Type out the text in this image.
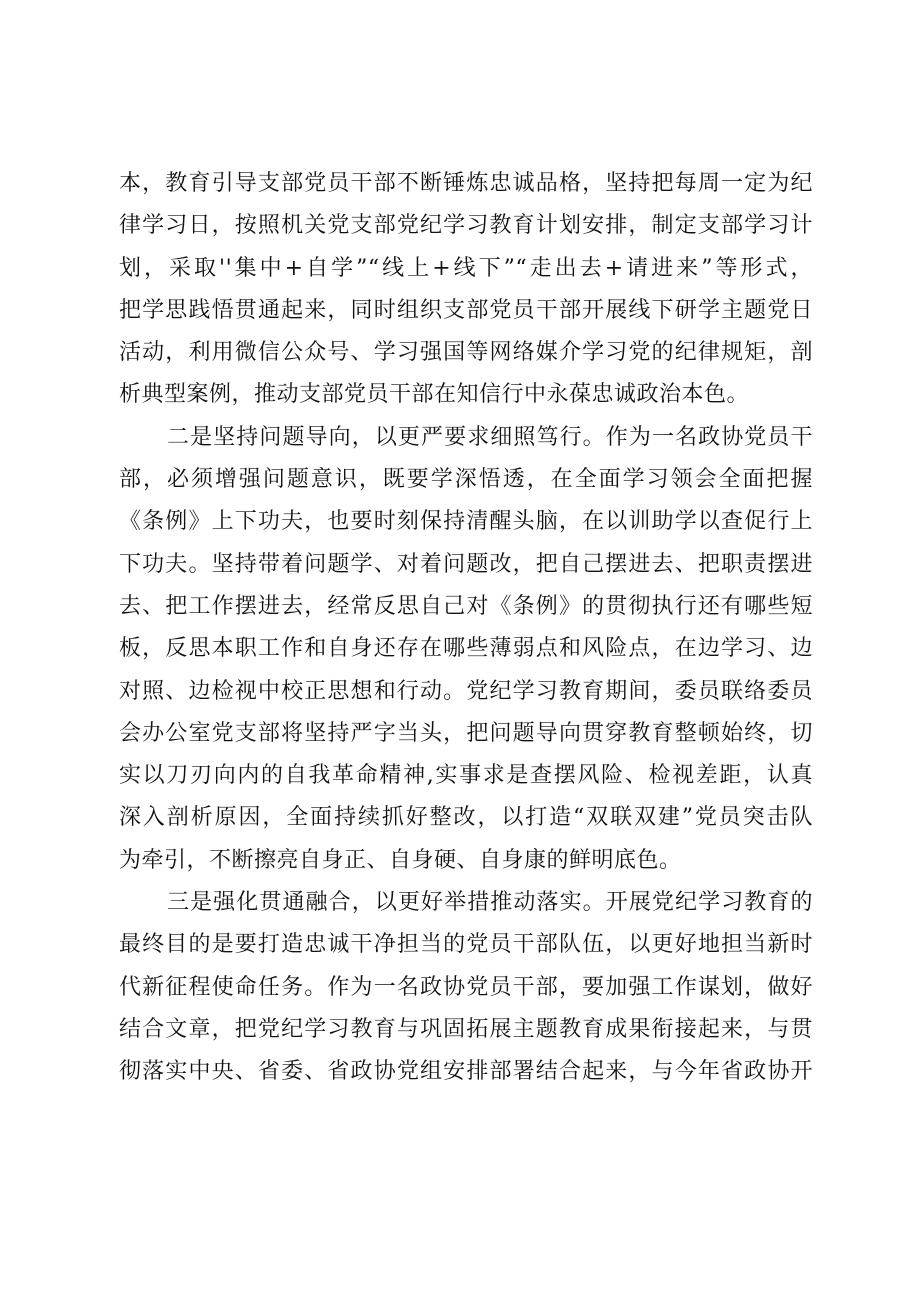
本，教育引导支部党员干部不断锤炼忠诚品格，坚持把每周一定为纪
律学习日，按照机关党支部党纪学习教育计划安排，制定支部学习计
划，采取''集中+自学”“线上+线下”“走出去+请进来”等形式，
把学思践悟贯通起来，同时组织支部党员干部开展线下研学主题党日
活动，利用微信公众号、学习强国等网络媒介学习党的纪律规矩，剖
析典型案例，推动支部党员干部在知信行中永葆忠诚政治本色。
二是坚持问题导向，以更严要求细照笃行。作为一名政协党员干
部，必须增强问题意识，既要学深悟透，在全面学习领会全面把握
《条例》上下功夫，也要时刻保持清醒头脑，在以训助学以查促行上
下功夫。坚持带着问题学、对着问题改，把自己摆进去、把职责摆进
去、把工作摆进去，经常反思自己对《条例》的贯彻执行还有哪些短
板，反思本职工作和自身还存在哪些薄弱点和风险点，在边学习、边
对照、边检视中校正思想和行动。党纪学习教育期间，委员联络委员
会办公室党支部将坚持严字当头，把问题导向贯穿教育整顿始终，切
实以刀刃向内的自我革命精神,实事求是查摆风险、检视差距，认真
深入剖析原因，全面持续抓好整改，以打造“双联双建”党员突击队
为牵引，不断擦亮自身正、自身硬、自身康的鲜明底色。
三是强化贯通融合，以更好举措推动落实。开展党纪学习教育的
最终目的是要打造忠诚干净担当的党员干部队伍，以更好地担当新时
代新征程使命任务。作为一名政协党员干部，要加强工作谋划，做好
结合文章，把党纪学习教育与巩固拓展主题教育成果衔接起来，与贯
彻落实中央、省委、省政协党组安排部署结合起来，与今年省政协开
